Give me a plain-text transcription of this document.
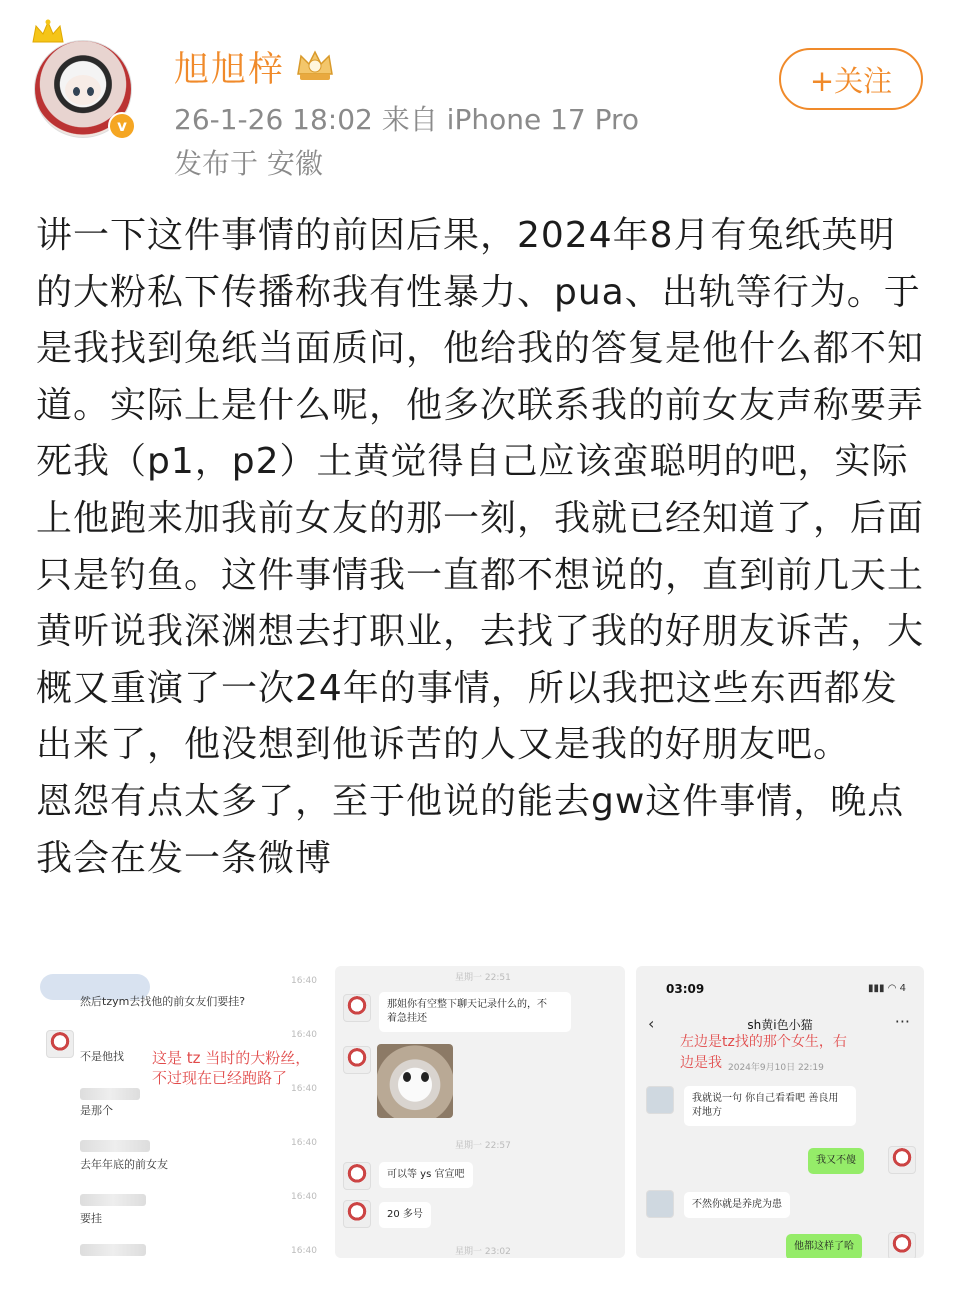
v
旭旭梓
26-1-26 18:02 来自 iPhone 17 Pro
发布于 安徽
+关注

讲一下这件事情的前因后果，2024年8月有兔纸英明的大粉私下传播称我有性暴力、pua、出轨等行为。于是我找到兔纸当面质问，他给我的答复是他什么都不知道。实际上是什么呢，他多次联系我的前女友声称要弄死我（p1，p2）土黄觉得自己应该蛮聪明的吧，实际上他跑来加我前女友的那一刻，我就已经知道了，后面只是钓鱼。这件事情我一直都不想说的，直到前几天土黄听说我深渊想去打职业，去找了我的好朋友诉苦，大概又重演了一次24年的事情，所以我把这些东西都发出来了，他没想到他诉苦的人又是我的好朋友吧。

恩怨有点太多了，至于他说的能去gw这件事情，晚点我会在发一条微博

然后tzym去找他的前女友们要挂?
16:40
16:40
不是他找 这是 tz 当时的大粉丝，
不过现在已经跑路了
16:40
是那个
16:40
去年年底的前女友
16:40
要挂
16:40
星期一 22:51
那姐你有空整下聊天记录什么的，不
着急挂还
星期一 22:57
可以等 ys 官宣吧
20 多号
星期一 23:02
03:09	▮▮▮ ◠ 4
‹	sh黄i色小猫	···
左边是tz找的那个女生，右
边是我 2024年9月10日 22:19
我就说一句 你自己看看吧 善良用
对地方
我又不傻
不然你就是养虎为患
他都这样了哈
